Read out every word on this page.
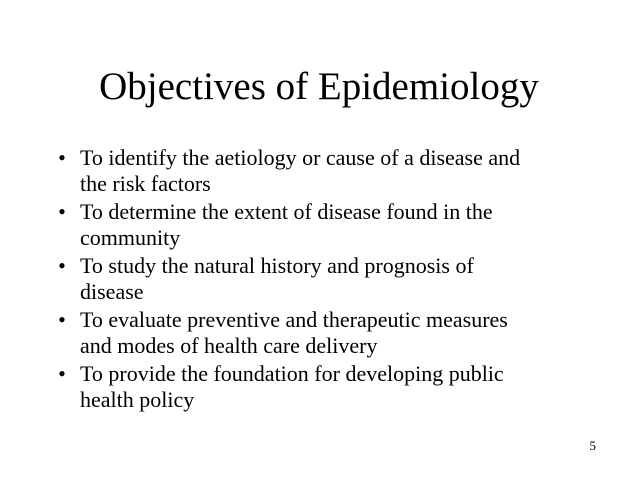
Objectives of Epidemiology
• To identify the aetiology or cause of a disease and
the risk factors
• To determine the extent of disease found in the
community
• To study the natural history and prognosis of
disease
• To evaluate preventive and therapeutic measures
and modes of health care delivery
• To provide the foundation for developing public
health policy
5
